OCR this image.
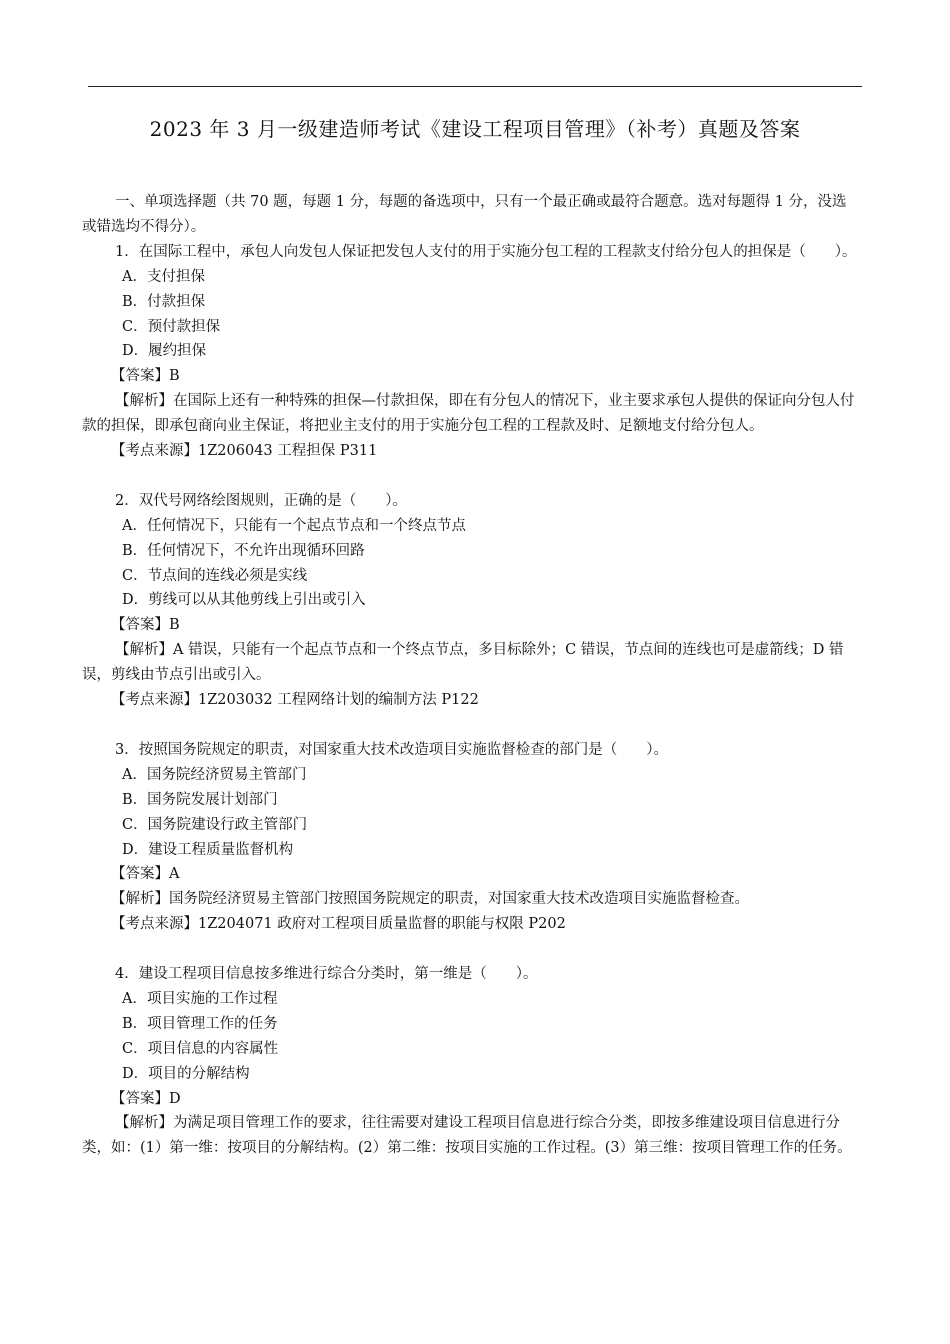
2023 年 3 月一级建造师考试《建设工程项目管理》（补考）真题及答案

一、单项选择题（共 70 题，每题 1 分，每题的备选项中，只有一个最正确或最符合题意。选对每题得 1 分，没选或错选均不得分）。

1．在国际工程中，承包人向发包人保证把发包人支付的用于实施分包工程的工程款支付给分包人的担保是（　　）。

A．支付担保

B．付款担保

C．预付款担保

D．履约担保

【答案】B

【解析】在国际上还有一种特殊的担保—付款担保，即在有分包人的情况下，业主要求承包人提供的保证向分包人付款的担保，即承包商向业主保证，将把业主支付的用于实施分包工程的工程款及时、足额地支付给分包人。

【考点来源】1Z206043 工程担保 P311

2．双代号网络绘图规则，正确的是（　　）。

A．任何情况下，只能有一个起点节点和一个终点节点

B．任何情况下，不允许出现循环回路

C．节点间的连线必须是实线

D．剪线可以从其他剪线上引出或引入

【答案】B

【解析】A 错误，只能有一个起点节点和一个终点节点，多目标除外；C 错误，节点间的连线也可是虚箭线；D 错误，剪线由节点引出或引入。

【考点来源】1Z203032 工程网络计划的编制方法 P122

3．按照国务院规定的职责，对国家重大技术改造项目实施监督检查的部门是（　　）。

A．国务院经济贸易主管部门

B．国务院发展计划部门

C．国务院建设行政主管部门

D．建设工程质量监督机构

【答案】A

【解析】国务院经济贸易主管部门按照国务院规定的职责，对国家重大技术改造项目实施监督检查。

【考点来源】1Z204071 政府对工程项目质量监督的职能与权限 P202

4．建设工程项目信息按多维进行综合分类时，第一维是（　　）。

A．项目实施的工作过程

B．项目管理工作的任务

C．项目信息的内容属性

D．项目的分解结构

【答案】D

【解析】为满足项目管理工作的要求，往往需要对建设工程项目信息进行综合分类，即按多维建设项目信息进行分类，如：(1）第一维：按项目的分解结构。(2）第二维：按项目实施的工作过程。(3）第三维：按项目管理工作的任务。
